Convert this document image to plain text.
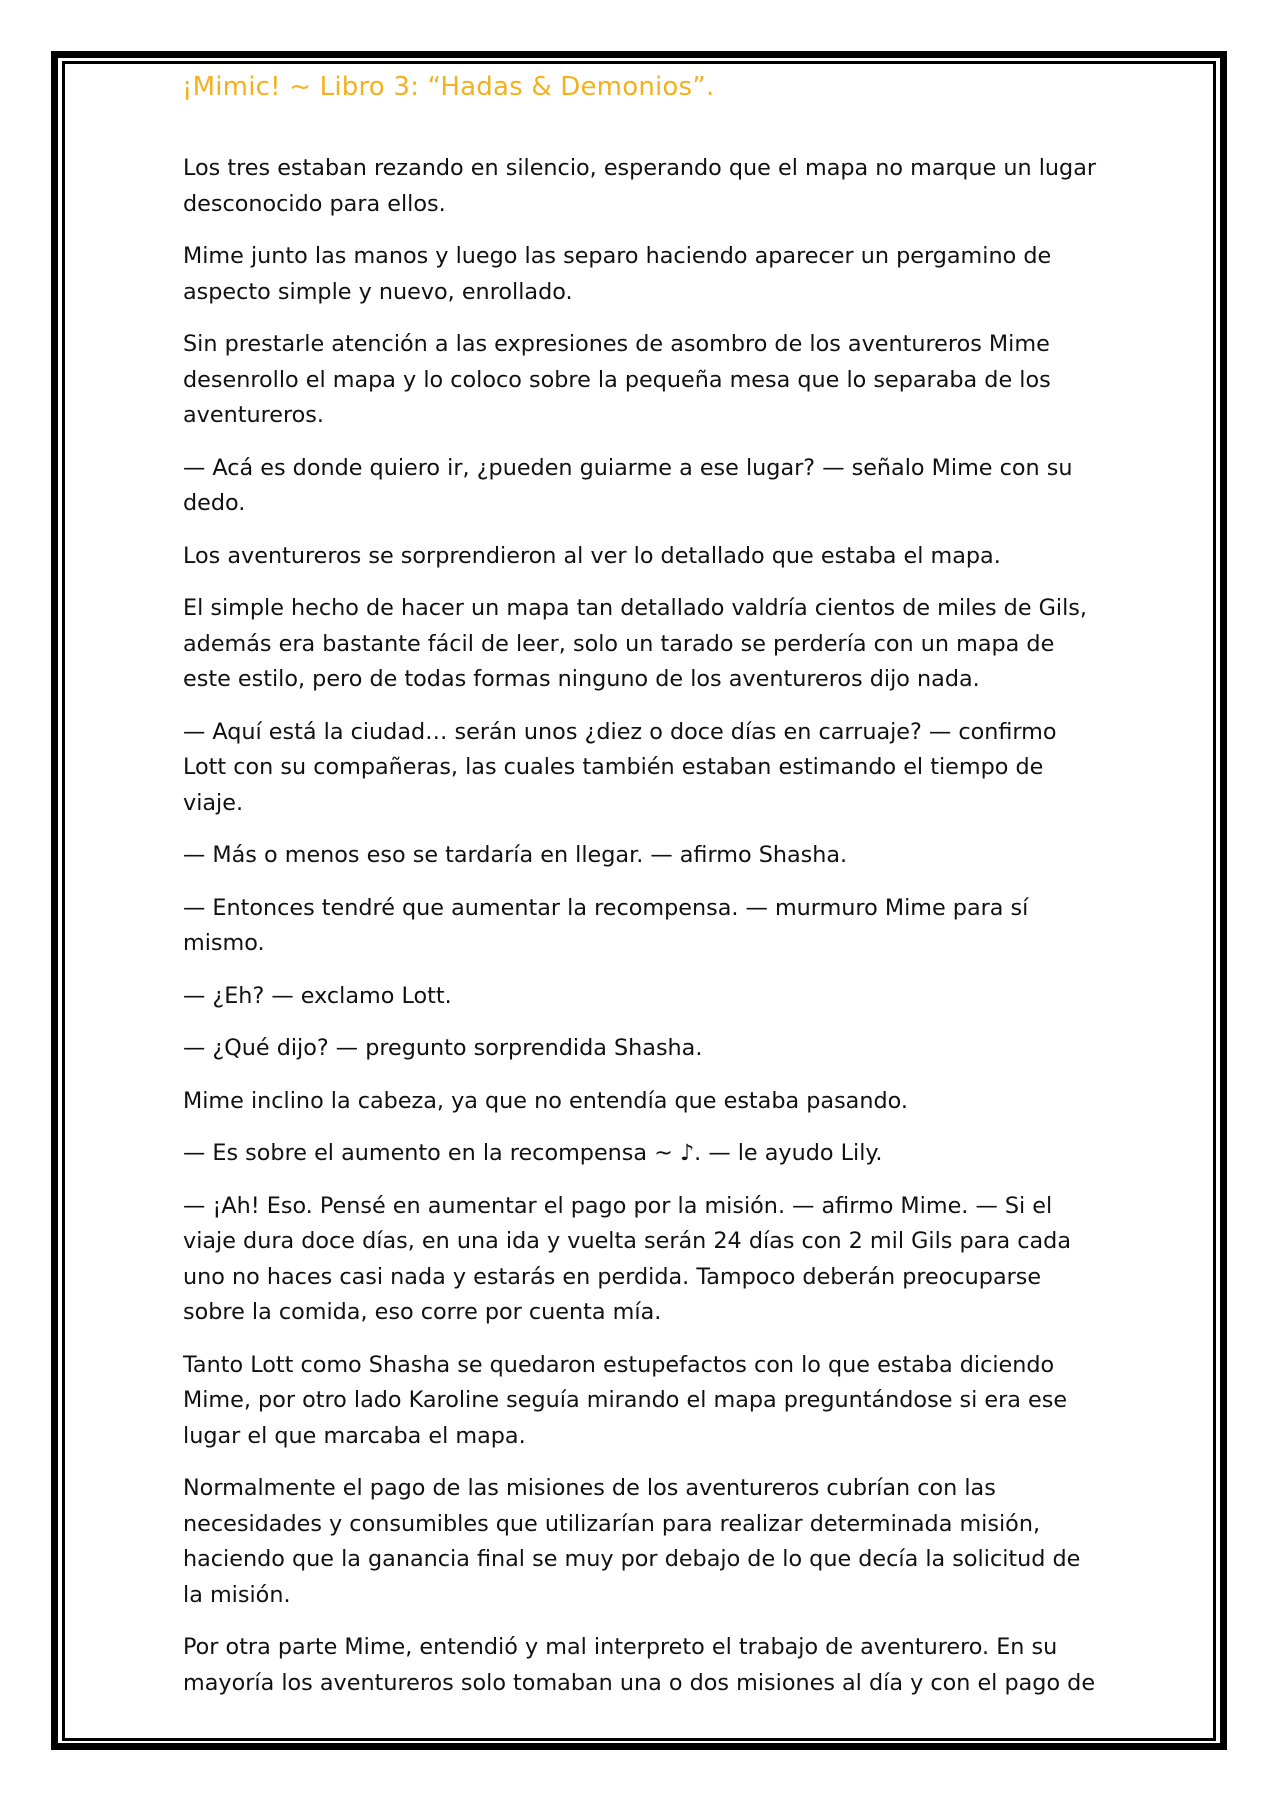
¡Mimic! ~ Libro 3: “Hadas & Demonios”.

Los tres estaban rezando en silencio, esperando que el mapa no marque un lugar desconocido para ellos.

Mime junto las manos y luego las separo haciendo aparecer un pergamino de aspecto simple y nuevo, enrollado.

Sin prestarle atención a las expresiones de asombro de los aventureros Mime desenrollo el mapa y lo coloco sobre la pequeña mesa que lo separaba de los aventureros.

— Acá es donde quiero ir, ¿pueden guiarme a ese lugar? — señalo Mime con su dedo.

Los aventureros se sorprendieron al ver lo detallado que estaba el mapa.

El simple hecho de hacer un mapa tan detallado valdría cientos de miles de Gils, además era bastante fácil de leer, solo un tarado se perdería con un mapa de este estilo, pero de todas formas ninguno de los aventureros dijo nada.

— Aquí está la ciudad… serán unos ¿diez o doce días en carruaje? — confirmo Lott con su compañeras, las cuales también estaban estimando el tiempo de viaje.

— Más o menos eso se tardaría en llegar. — afirmo Shasha.

— Entonces tendré que aumentar la recompensa. — murmuro Mime para sí mismo.

— ¿Eh? — exclamo Lott.

— ¿Qué dijo? — pregunto sorprendida Shasha.

Mime inclino la cabeza, ya que no entendía que estaba pasando.

— Es sobre el aumento en la recompensa ~ ♪. — le ayudo Lily.

— ¡Ah! Eso. Pensé en aumentar el pago por la misión. — afirmo Mime. — Si el viaje dura doce días, en una ida y vuelta serán 24 días con 2 mil Gils para cada uno no haces casi nada y estarás en perdida. Tampoco deberán preocuparse sobre la comida, eso corre por cuenta mía.

Tanto Lott como Shasha se quedaron estupefactos con lo que estaba diciendo Mime, por otro lado Karoline seguía mirando el mapa preguntándose si era ese lugar el que marcaba el mapa.

Normalmente el pago de las misiones de los aventureros cubrían con las necesidades y consumibles que utilizarían para realizar determinada misión, haciendo que la ganancia final se muy por debajo de lo que decía la solicitud de la misión.

Por otra parte Mime, entendió y mal interpreto el trabajo de aventurero. En su mayoría los aventureros solo tomaban una o dos misiones al día y con el pago de
